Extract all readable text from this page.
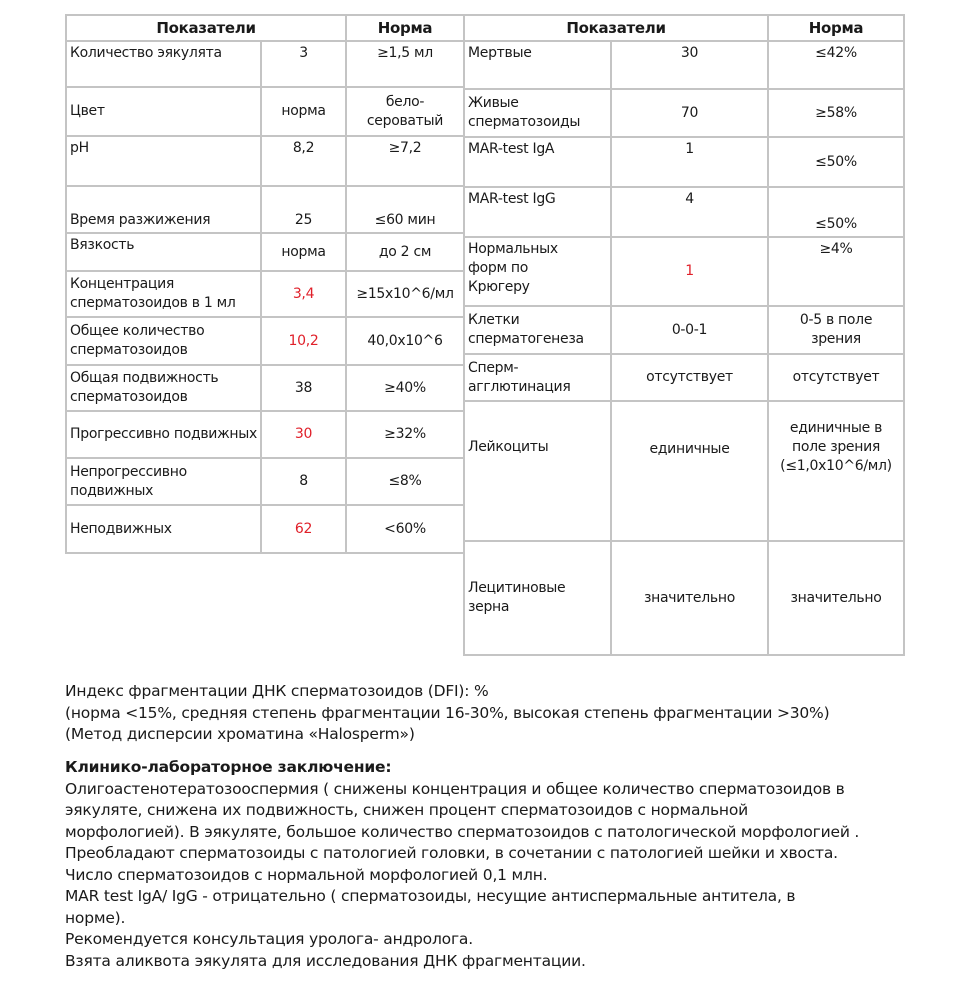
Показатели		Норма
Количество эякулята	3	≥1,5 мл
Цвет	норма	бело-
сероватый
pH	8,2	≥7,2
Время разжижения	25	≤60 мин
Вязкость	норма	до 2 см
Концентрация сперматозоидов в 1 мл	3,4	≥15x10^6/мл
Общее количество сперматозоидов	10,2	40,0x10^6
Общая подвижность сперматозоидов	38	≥40%
Прогрессивно подвижных	30	≥32%
Непрогрессивно подвижных	8	≤8%
Неподвижных	62	<60%
Показатели		Норма
Мертвые	30	≤42%
Живые сперматозоиды	70	≥58%
MAR-test IgA	1	≤50%
MAR-test IgG	4	≤50%
Нормальных
форм по
Крюгеру	1	≥4%
Клетки сперматогенеза	0-0-1	0-5 в поле
зрения
Сперм-
агглютинация	отсутствует	отсутствует
Лейкоциты	единичные	единичные в
поле зрения
(≤1,0x10^6/мл)
Лецитиновые
зерна	значительно	значительно

Индекс фрагментации ДНК сперматозоидов (DFI): %

(норма <15%, средняя степень фрагментации 16-30%, высокая степень фрагментации >30%)

(Метод дисперсии хроматина «Halosperm»)

Клинико-лабораторное заключение:

Олигоастенотератозооспермия ( снижены концентрация и общее количество сперматозоидов в

эякуляте, снижена их подвижность, снижен процент сперматозоидов с нормальной

морфологией). В эякуляте, большое количество сперматозоидов с патологической морфологией .

Преобладают сперматозоиды с патологией головки, в сочетании с патологией шейки и хвоста.

Число сперматозоидов с нормальной морфологией 0,1 млн.

MAR test IgA/ IgG - отрицательно ( сперматозоиды, несущие антиспермальные антитела, в

норме).

Рекомендуется консультация уролога- андролога.

Взята аликвота эякулята для исследования ДНК фрагментации.
